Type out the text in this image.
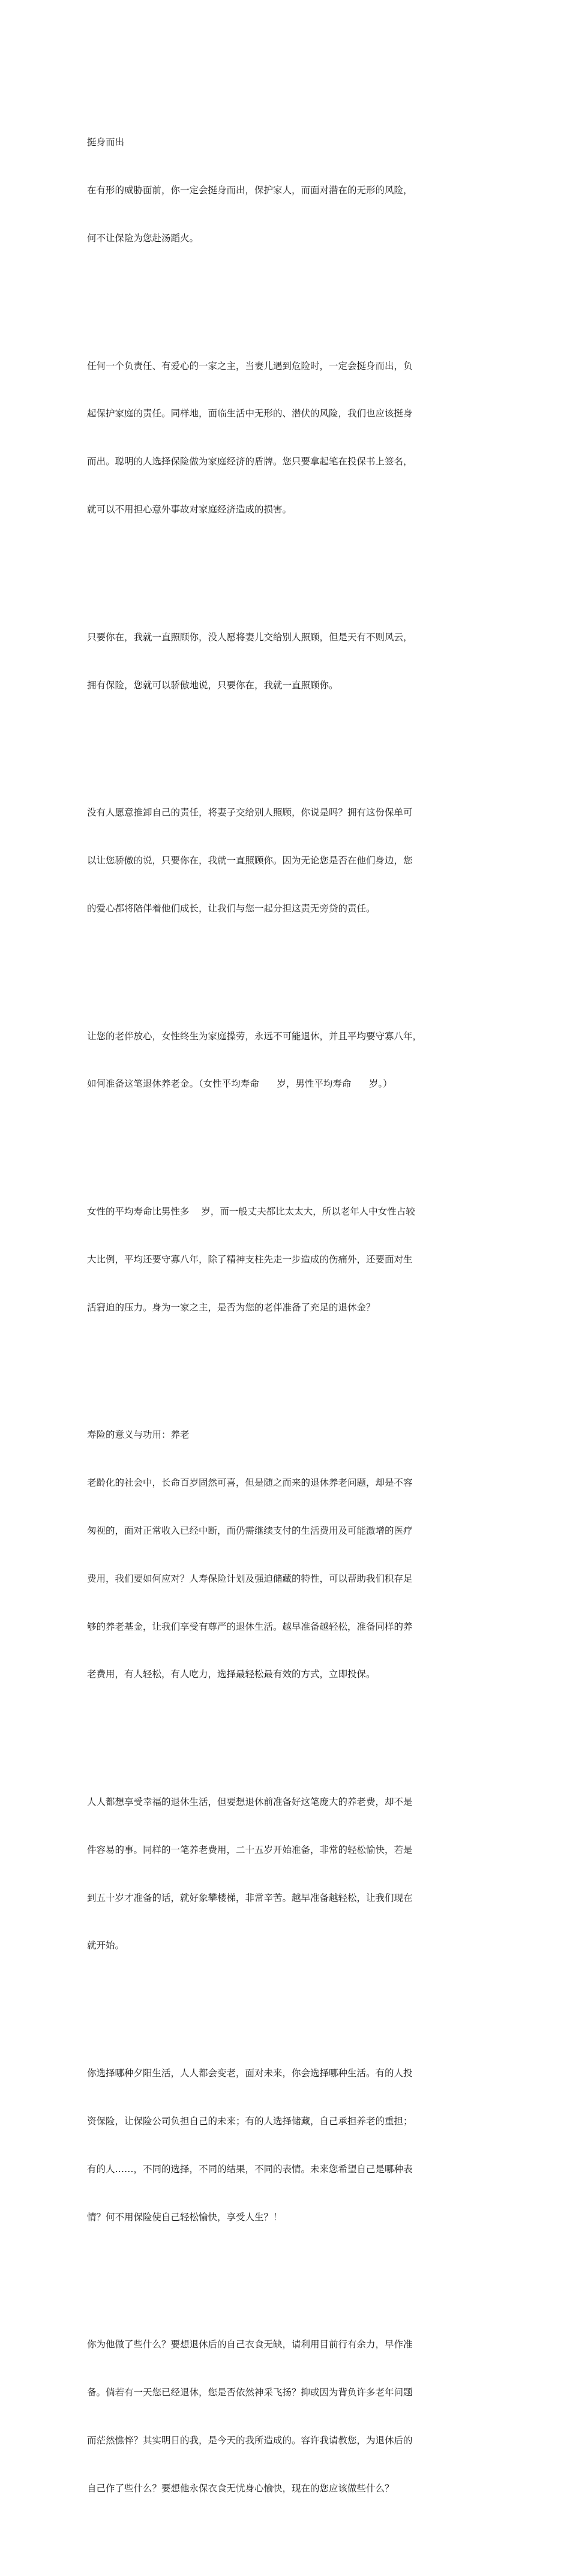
挺身而出

在有形的威胁面前，你一定会挺身而出，保护家人，而面对潜在的无形的风险，

何不让保险为您赴汤蹈火。

任何一个负责任、有爱心的一家之主，当妻儿遇到危险时，一定会挺身而出，负

起保护家庭的责任。同样地，面临生活中无形的、潜伏的风险，我们也应该挺身

而出。聪明的人选择保险做为家庭经济的盾牌。您只要拿起笔在投保书上签名，

就可以不用担心意外事故对家庭经济造成的损害。

只要你在，我就一直照顾你，没人愿将妻儿交给别人照顾，但是天有不则风云，

拥有保险，您就可以骄傲地说，只要你在，我就一直照顾你。

没有人愿意推卸自己的责任，将妻子交给别人照顾，你说是吗？拥有这份保单可

以让您骄傲的说，只要你在，我就一直照顾你。因为无论您是否在他们身边，您

的爱心都将陪伴着他们成长，让我们与您一起分担这责无旁贷的责任。

让您的老伴放心，女性终生为家庭操劳，永远不可能退休，并且平均要守寡八年，

如何准备这笔退休养老金。（女性平均寿命      岁，男性平均寿命      岁。）

女性的平均寿命比男性多    岁，而一般丈夫都比太太大，所以老年人中女性占较

大比例，平均还要守寡八年，除了精神支柱先走一步造成的伤痛外，还要面对生

活窘迫的压力。身为一家之主，是否为您的老伴准备了充足的退休金？

寿险的意义与功用：养老

老龄化的社会中，长命百岁固然可喜，但是随之而来的退休养老问题，却是不容

匆视的，面对正常收入已经中断，而仍需继续支付的生活费用及可能激增的医疗

费用，我们要如何应对？人寿保险计划及强迫储藏的特性，可以帮助我们积存足

够的养老基金，让我们享受有尊严的退休生活。越早准备越轻松，准备同样的养

老费用，有人轻松，有人吃力，选择最轻松最有效的方式，立即投保。

人人都想享受幸福的退休生活，但要想退休前准备好这笔庞大的养老费，却不是

件容易的事。同样的一笔养老费用，二十五岁开始准备，非常的轻松愉快，若是

到五十岁才准备的话，就好象攀楼梯，非常辛苦。越早准备越轻松，让我们现在

就开始。

你选择哪种夕阳生活，人人都会变老，面对未来，你会选择哪种生活。有的人投

资保险，让保险公司负担自己的未来；有的人选择储藏，自己承担养老的重担；

有的人……，不同的选择，不同的结果，不同的表情。未来您希望自己是哪种表

情？何不用保险使自己轻松愉快，享受人生？！

你为他做了些什么？要想退休后的自己衣食无缺，请利用目前行有余力，早作准

备。倘若有一天您已经退休，您是否依然神采飞扬？抑或因为背负许多老年问题

而茫然憔悴？其实明日的我，是今天的我所造成的。容许我请教您，为退休后的

自己作了些什么？要想他永保衣食无忧身心愉快，现在的您应该做些什么？
